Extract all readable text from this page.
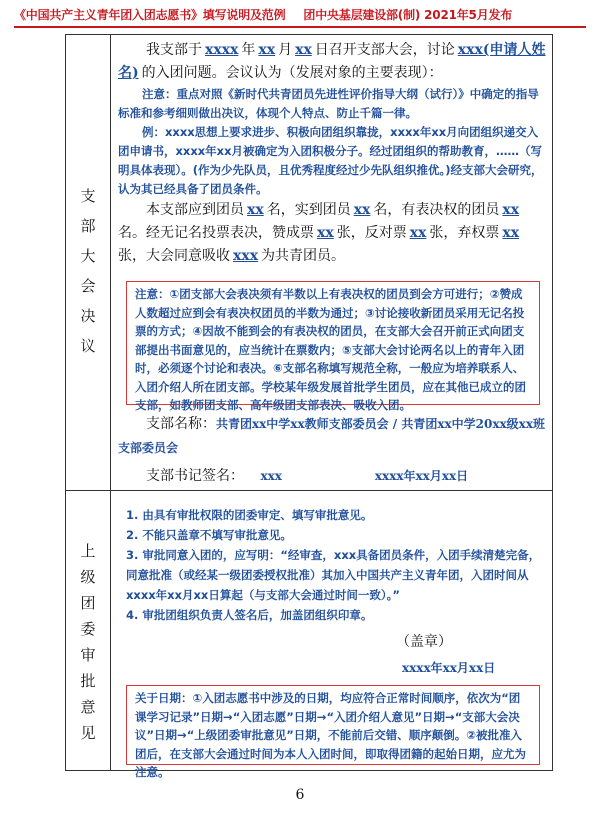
《中国共产主义青年团入团志愿书》填写说明及范例 团中央基层建设部(制) 2021年5月发布
支
部
大
会
决
议

我支部于 xxxx 年 xx 月 xx 日召开支部大会，讨论 xxx(申请人姓名) 的入团问题。会议认为（发展对象的主要表现）：

注意：重点对照《新时代共青团员先进性评价指导大纲（试行）》中确定的指导标准和参考细则做出决议，体现个人特点、防止千篇一律。

例：xxxx思想上要求进步、积极向团组织靠拢，xxxx年xx月向团组织递交入团申请书，xxxx年xx月被确定为入团积极分子。经过团组织的帮助教育，……（写明具体表现）。(作为少先队员，且优秀程度经过少先队组织推优。)经支部大会研究，认为其已经具备了团员条件。

本支部应到团员 xx 名，实到团员 xx 名，有表决权的团员 xx名。经无记名投票表决，赞成票 xx 张，反对票 xx 张，弃权票 xx张，大会同意吸收 xxx 为共青团员。

注意：①团支部大会表决须有半数以上有表决权的团员到会方可进行；②赞成人数超过应到会有表决权团员的半数为通过；③讨论接收新团员采用无记名投票的方式；④因故不能到会的有表决权的团员，在支部大会召开前正式向团支部提出书面意见的，应当统计在票数内；⑤支部大会讨论两名以上的青年入团时，必须逐个讨论和表决。⑥支部名称填写规范全称，一般应为培养联系人、入团介绍人所在团支部。学校某年级发展首批学生团员，应在其他已成立的团支部，如教师团支部、高年级团支部表决、吸收入团。
支部名称：共青团xx中学xx教师支部委员会 / 共青团xx中学20xx级xx班支部委员会
支部书记签名： xxx	xxxx年xx月xx日
上
级
团
委
审
批
意
见
1. 由具有审批权限的团委审定、填写审批意见。
2. 不能只盖章不填写审批意见。
3. 审批同意入团的，应写明：“经审查，xxx具备团员条件，入团手续清楚完备，同意批准（或经某一级团委授权批准）其加入中国共产主义青年团，入团时间从xxxx年xx月xx日算起（与支部大会通过时间一致）。”
4. 审批团组织负责人签名后，加盖团组织印章。
（盖章）
xxxx年xx月xx日
关于日期：①入团志愿书中涉及的日期，均应符合正常时间顺序，依次为“团课学习记录”日期→“入团志愿”日期→“入团介绍人意见”日期→“支部大会决议”日期→“上级团委审批意见”日期，不能前后交错、顺序颠倒。②被批准入团后，在支部大会通过时间为本人入团时间，即取得团籍的起始日期，应尤为注意。
6
